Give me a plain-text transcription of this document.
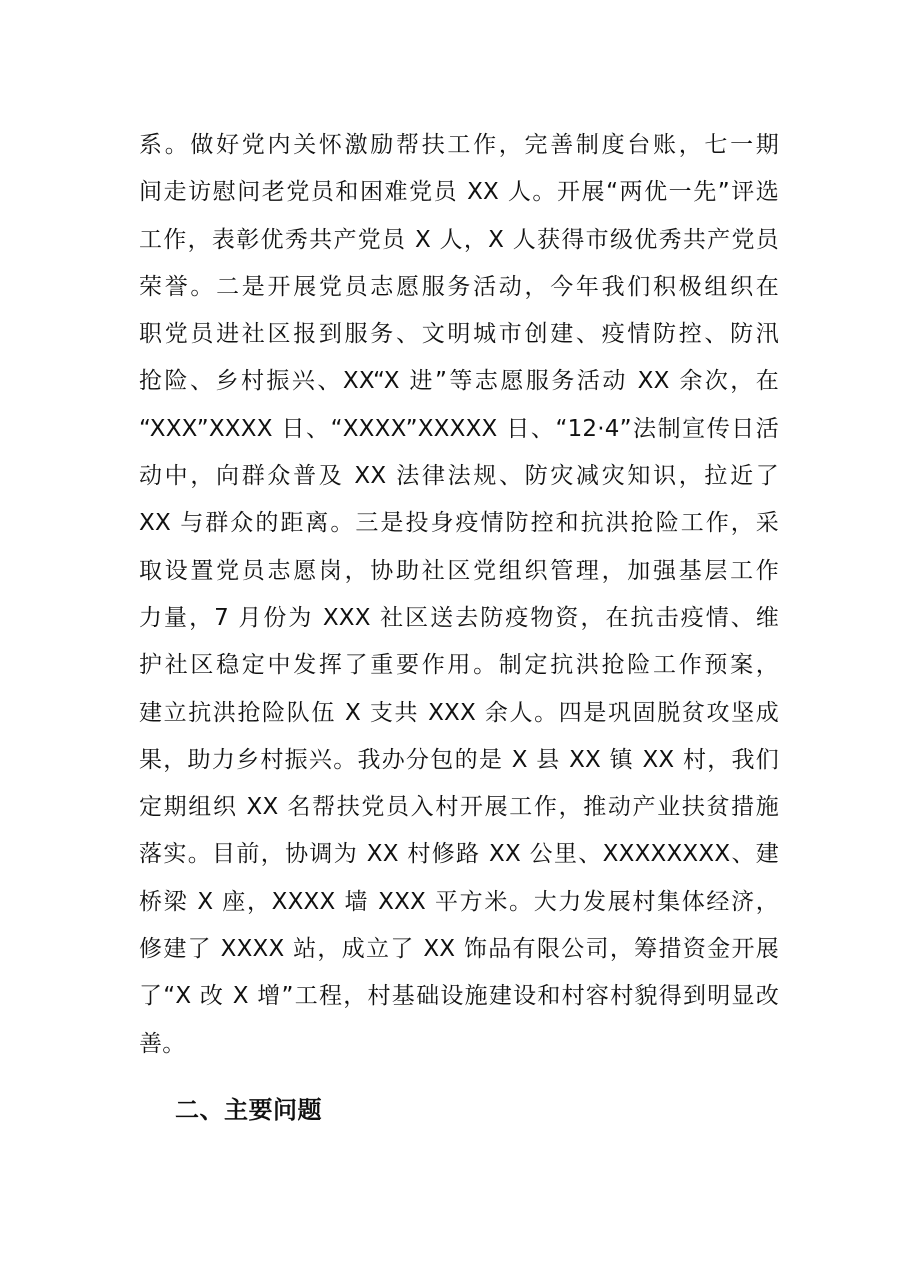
系。做好党内关怀激励帮扶工作，完善制度台账，七一期
间走访慰问老党员和困难党员 XX 人。开展“两优一先”评选
工作，表彰优秀共产党员 X 人，X 人获得市级优秀共产党员
荣誉。二是开展党员志愿服务活动，今年我们积极组织在
职党员进社区报到服务、文明城市创建、疫情防控、防汛
抢险、乡村振兴、XX“X 进”等志愿服务活动 XX 余次，在
“XXX”XXXX 日、“XXXX”XXXXX 日、“12·4”法制宣传日活
动中，向群众普及 XX 法律法规、防灾减灾知识，拉近了
XX 与群众的距离。三是投身疫情防控和抗洪抢险工作，采
取设置党员志愿岗，协助社区党组织管理，加强基层工作
力量，7 月份为 XXX 社区送去防疫物资，在抗击疫情、维
护社区稳定中发挥了重要作用。制定抗洪抢险工作预案，
建立抗洪抢险队伍 X 支共 XXX 余人。四是巩固脱贫攻坚成
果，助力乡村振兴。我办分包的是 X 县 XX 镇 XX 村，我们
定期组织 XX 名帮扶党员入村开展工作，推动产业扶贫措施
落实。目前，协调为 XX 村修路 XX 公里、XXXXXXXX、建
桥梁 X 座，XXXX 墙 XXX 平方米。大力发展村集体经济，
修建了 XXXX 站，成立了 XX 饰品有限公司，筹措资金开展
了“X 改 X 增”工程，村基础设施建设和村容村貌得到明显改
善。
二、主要问题
